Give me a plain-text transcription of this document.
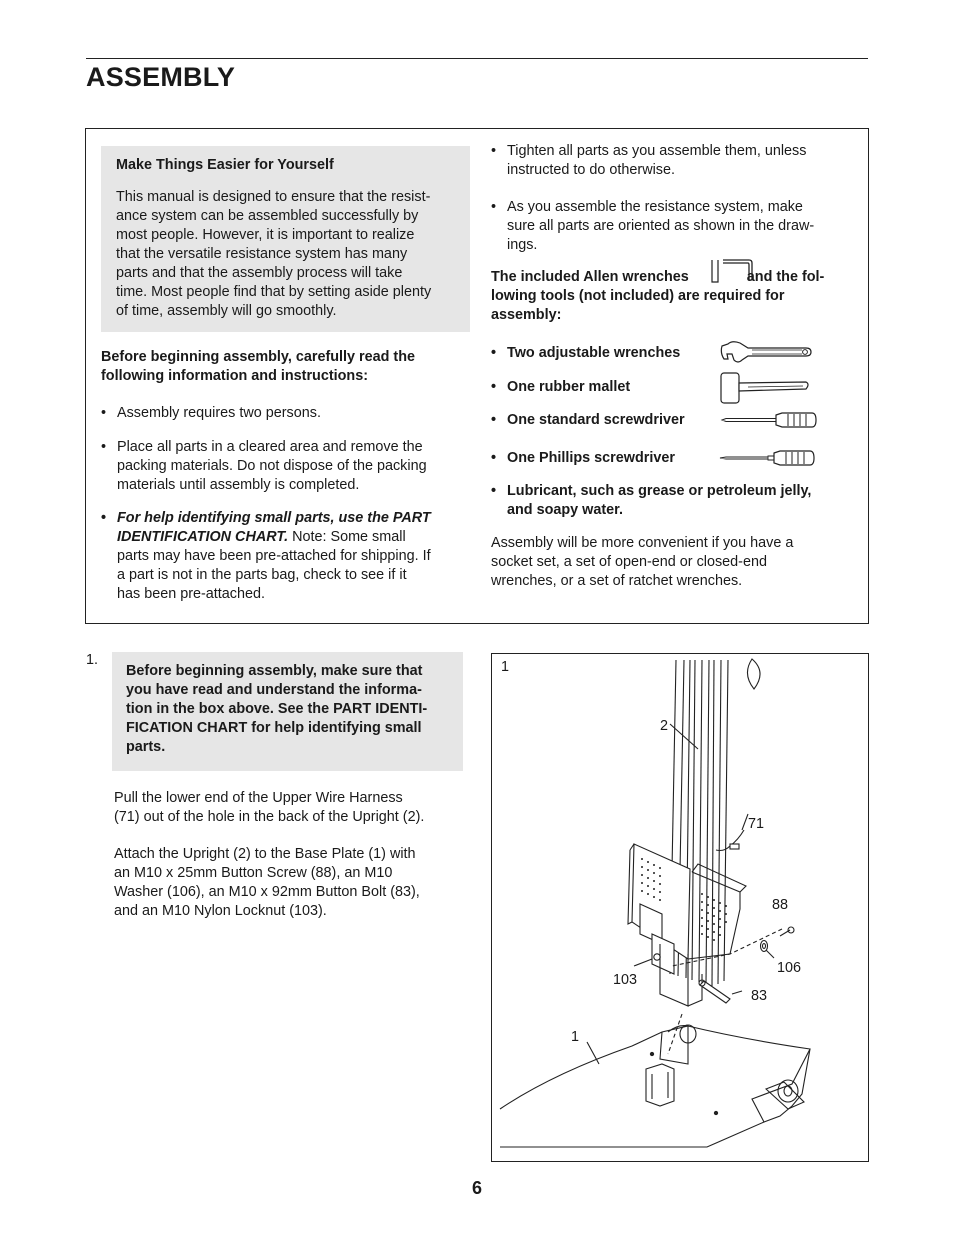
ASSEMBLY
Make Things Easier for Yourself
This manual is designed to ensure that the resist-
ance system can be assembled successfully by
most people. However, it is important to realize
that the versatile resistance system has many
parts and that the assembly process will take
time. Most people find that by setting aside plenty
of time, assembly will go smoothly.
Before beginning assembly, carefully read the
following information and instructions:
• Assembly requires two persons.
• Place all parts in a cleared area and remove the
packing materials. Do not dispose of the packing
materials until assembly is completed.
• For help identifying small parts, use the PART
IDENTIFICATION CHART. Note: Some small
parts may have been pre-attached for shipping. If
a part is not in the parts bag, check to see if it
has been pre-attached.
• Tighten all parts as you assemble them, unless
instructed to do otherwise.
• As you assemble the resistance system, make
sure all parts are oriented as shown in the draw-
ings.
The included Allen wrenches	and the fol-
lowing tools (not included) are required for
assembly:
• Two adjustable wrenches
• One rubber mallet
• One standard screwdriver
• One Phillips screwdriver
• Lubricant, such as grease or petroleum jelly,
and soapy water.
Assembly will be more convenient if you have a
socket set, a set of open-end or closed-end
wrenches, or a set of ratchet wrenches.
1.
Before beginning assembly, make sure that
you have read and understand the informa-
tion in the box above. See the PART IDENTI-
FICATION CHART for help identifying small
parts.
Pull the lower end of the Upper Wire Harness
(71) out of the hole in the back of the Upright (2).
Attach the Upright (2) to the Base Plate (1) with
an M10 x 25mm Button Screw (88), an M10
Washer (106), an M10 x 92mm Button Bolt (83),
and an M10 Nylon Locknut (103).
1
2
71
88
106
103
83
1
6
